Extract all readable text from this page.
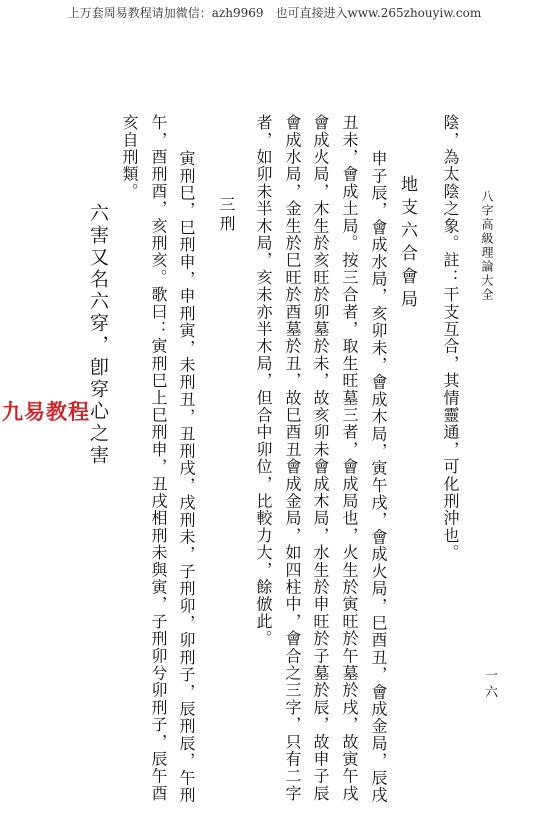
上万套周易教程请加微信：azh9969　也可直接进入www.265zhouyiw.com
八字高級理論大全
一六
陰，為太陰之象。註：干支互合，其情靈通，可化刑沖也。
地支六合會局
申子辰，會成水局，亥卯未，會成木局，寅午戌，會成火局，巳酉丑，會成金局，辰戌
丑未，會成土局。按三合者，取生旺墓三者，會成局也，火生於寅旺於午墓於戌，故寅午戌
會成火局，木生於亥旺於卯墓於未，故亥卯未會成木局，水生於申旺於子墓於辰，故申子辰
會成水局，金生於巳旺於酉墓於丑，故巳酉丑會成金局，如四柱中，會合之三字，只有二字
者，如卯未半木局，亥未亦半木局，但合中卯位，比較力大，餘倣此。
三刑
寅刑巳，巳刑申，申刑寅，未刑丑，丑刑戌，戌刑未，子刑卯，卯刑子，辰刑辰，午刑
午，酉刑酉，亥刑亥。歌曰：寅刑巳上巳刑申，丑戌相刑未與寅，子刑卯兮卯刑子，辰午酉
亥自刑類。
六害又名六穿，卽穿心之害
九易教程
